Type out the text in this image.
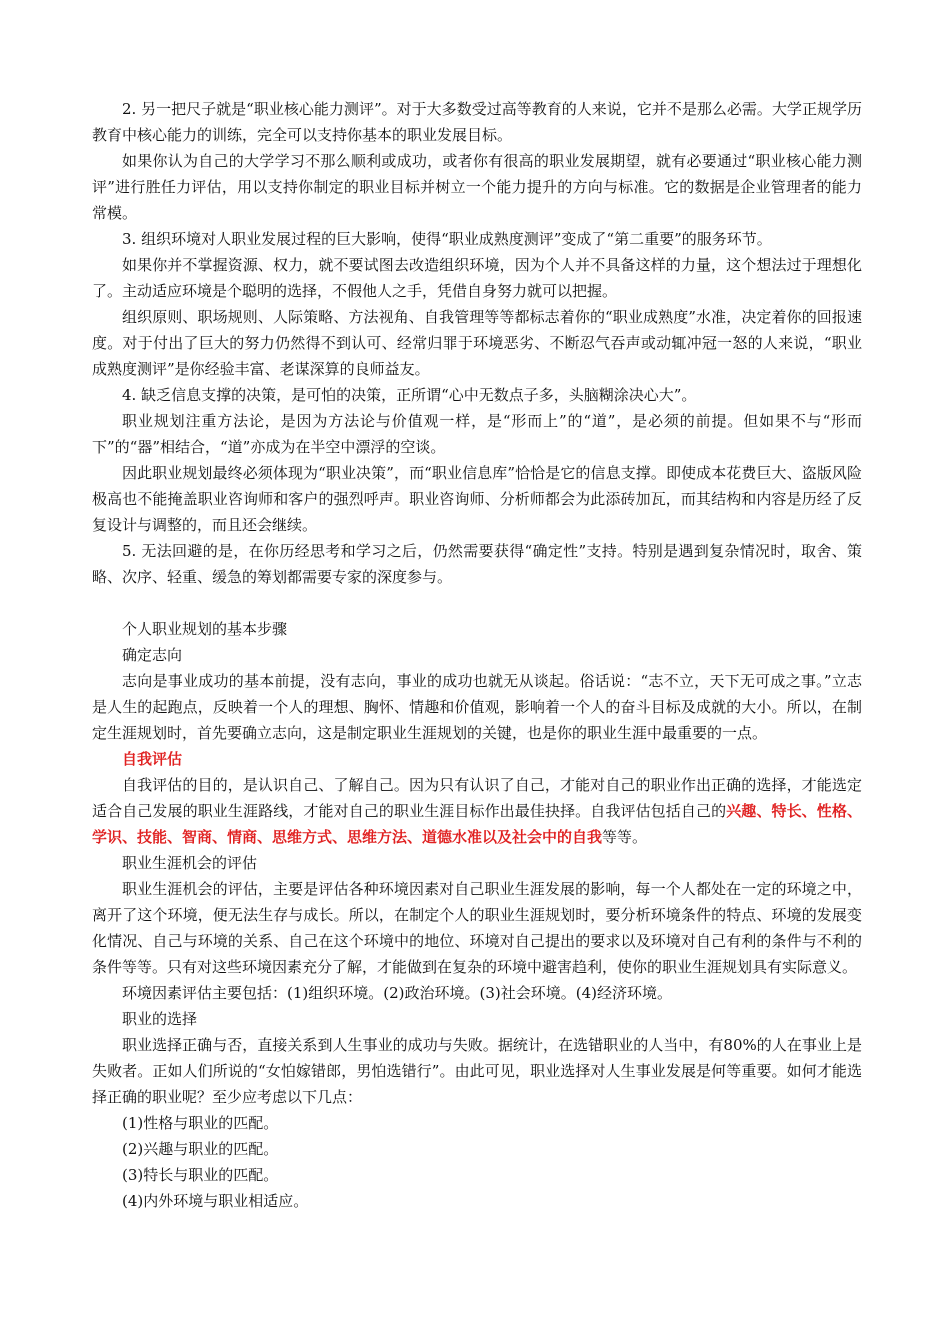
2. 另一把尺子就是“职业核心能力测评”。对于大多数受过高等教育的人来说，它并不是那么必需。大学正规学历教育中核心能力的训练，完全可以支持你基本的职业发展目标。

如果你认为自己的大学学习不那么顺利或成功，或者你有很高的职业发展期望，就有必要通过“职业核心能力测评”进行胜任力评估，用以支持你制定的职业目标并树立一个能力提升的方向与标准。它的数据是企业管理者的能力常模。

3. 组织环境对人职业发展过程的巨大影响，使得“职业成熟度测评”变成了“第二重要”的服务环节。

如果你并不掌握资源、权力，就不要试图去改造组织环境，因为个人并不具备这样的力量，这个想法过于理想化了。主动适应环境是个聪明的选择，不假他人之手，凭借自身努力就可以把握。

组织原则、职场规则、人际策略、方法视角、自我管理等等都标志着你的“职业成熟度”水准，决定着你的回报速度。对于付出了巨大的努力仍然得不到认可、经常归罪于环境恶劣、不断忍气吞声或动辄冲冠一怒的人来说，“职业成熟度测评”是你经验丰富、老谋深算的良师益友。

4. 缺乏信息支撑的决策，是可怕的决策，正所谓“心中无数点子多，头脑糊涂决心大”。

职业规划注重方法论，是因为方法论与价值观一样，是“形而上”的“道”，是必须的前提。但如果不与“形而下”的“器”相结合，“道”亦成为在半空中漂浮的空谈。

因此职业规划最终必须体现为“职业决策”，而“职业信息库”恰恰是它的信息支撑。即使成本花费巨大、盗版风险极高也不能掩盖职业咨询师和客户的强烈呼声。职业咨询师、分析师都会为此添砖加瓦，而其结构和内容是历经了反复设计与调整的，而且还会继续。

5. 无法回避的是，在你历经思考和学习之后，仍然需要获得“确定性”支持。特别是遇到复杂情况时，取舍、策略、次序、轻重、缓急的筹划都需要专家的深度参与。

个人职业规划的基本步骤

确定志向

志向是事业成功的基本前提，没有志向，事业的成功也就无从谈起。俗话说：“志不立，天下无可成之事。”立志是人生的起跑点，反映着一个人的理想、胸怀、情趣和价值观，影响着一个人的奋斗目标及成就的大小。所以，在制定生涯规划时，首先要确立志向，这是制定职业生涯规划的关键，也是你的职业生涯中最重要的一点。

自我评估

自我评估的目的，是认识自己、了解自己。因为只有认识了自己，才能对自己的职业作出正确的选择，才能选定适合自己发展的职业生涯路线，才能对自己的职业生涯目标作出最佳抉择。自我评估包括自己的兴趣、特长、性格、学识、技能、智商、情商、思维方式、思维方法、道德水准以及社会中的自我等等。

职业生涯机会的评估

职业生涯机会的评估，主要是评估各种环境因素对自己职业生涯发展的影响，每一个人都处在一定的环境之中，离开了这个环境，便无法生存与成长。所以，在制定个人的职业生涯规划时，要分析环境条件的特点、环境的发展变化情况、自己与环境的关系、自己在这个环境中的地位、环境对自己提出的要求以及环境对自己有利的条件与不利的条件等等。只有对这些环境因素充分了解，才能做到在复杂的环境中避害趋利，使你的职业生涯规划具有实际意义。

环境因素评估主要包括：(1)组织环境。(2)政治环境。(3)社会环境。(4)经济环境。

职业的选择

职业选择正确与否，直接关系到人生事业的成功与失败。据统计，在选错职业的人当中，有80%的人在事业上是失败者。正如人们所说的“女怕嫁错郎，男怕选错行”。由此可见，职业选择对人生事业发展是何等重要。如何才能选择正确的职业呢？至少应考虑以下几点：

(1)性格与职业的匹配。

(2)兴趣与职业的匹配。

(3)特长与职业的匹配。

(4)内外环境与职业相适应。
